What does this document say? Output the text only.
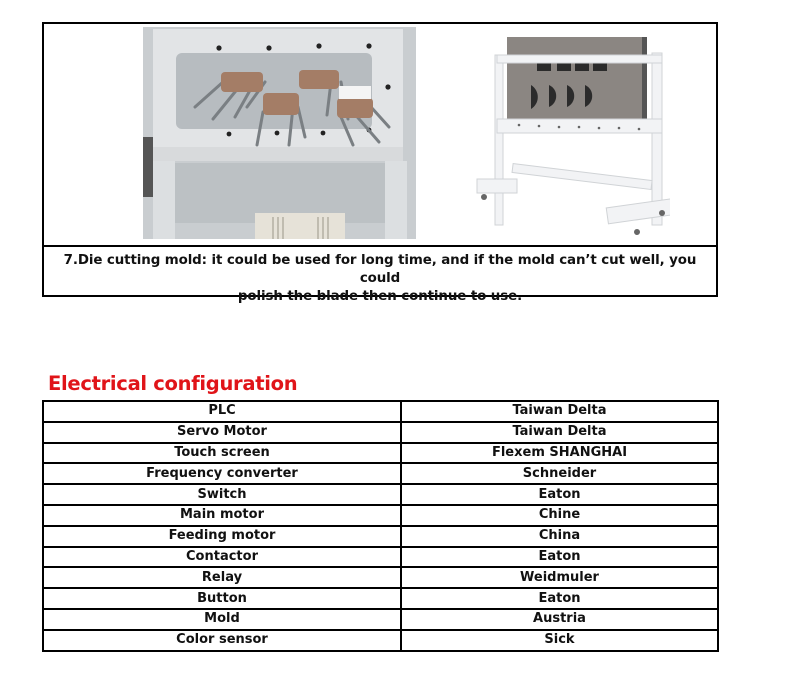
7.Die cutting mold: it could be used for long time, and if the mold can’t cut well, you could
polish the blade then continue to use.
Electrical configuration
PLC	Taiwan Delta
Servo Motor	Taiwan Delta
Touch screen	Flexem SHANGHAI
Frequency converter	Schneider
Switch	Eaton
Main motor	Chine
Feeding motor	China
Contactor	Eaton
Relay	Weidmuler
Button	Eaton
Mold	Austria
Color sensor	Sick
